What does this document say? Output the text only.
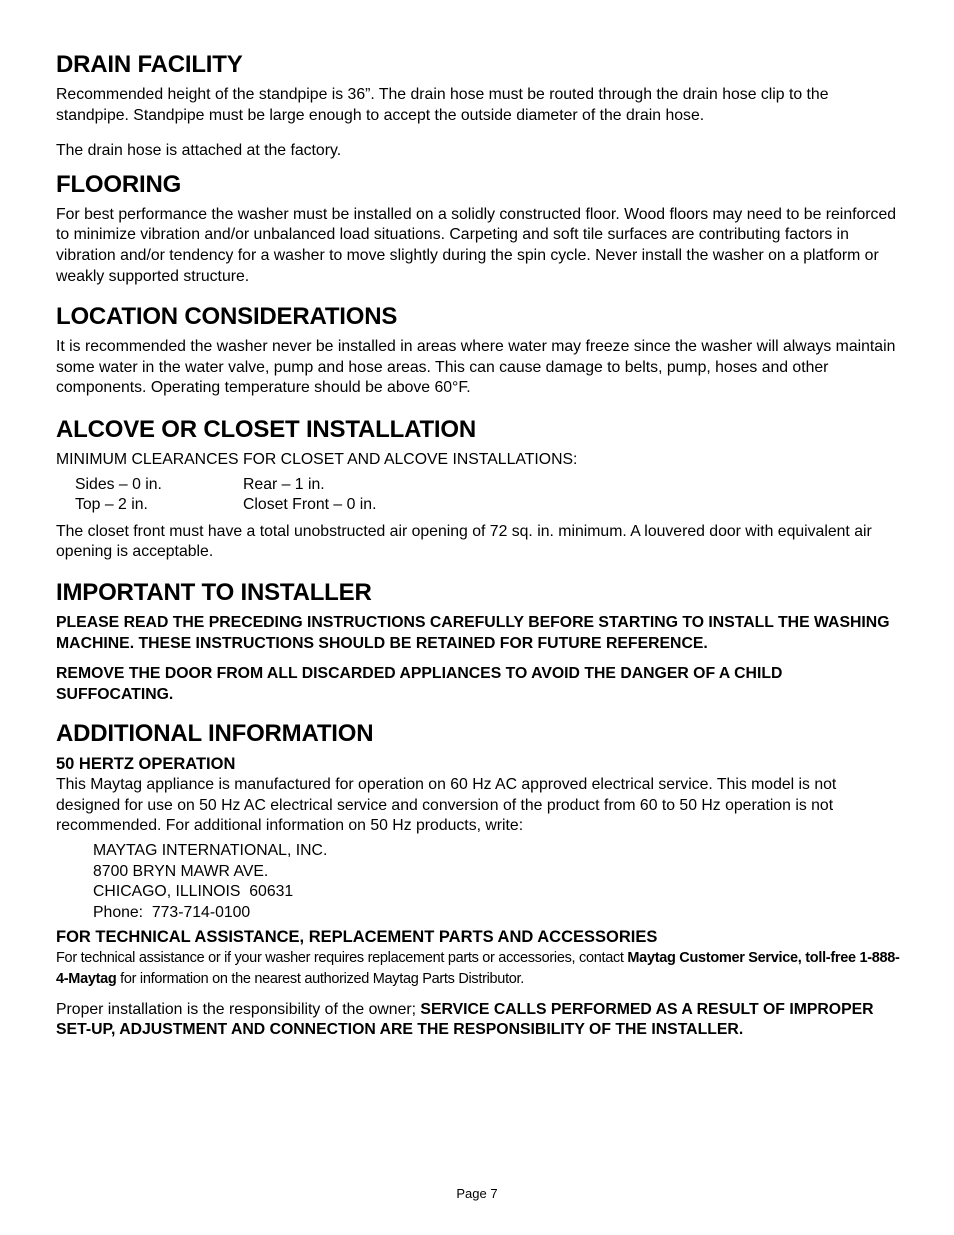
DRAIN FACILITY

Recommended height of the standpipe is 36”. The drain hose must be routed through the drain hose clip to the standpipe. Standpipe must be large enough to accept the outside diameter of the drain hose.

The drain hose is attached at the factory.

FLOORING

For best performance the washer must be installed on a solidly constructed floor. Wood floors may need to be reinforced to minimize vibration and/or unbalanced load situations. Carpeting and soft tile surfaces are contributing factors in vibration and/or tendency for a washer to move slightly during the spin cycle. Never install the washer on a platform or weakly supported structure.

LOCATION CONSIDERATIONS

It is recommended the washer never be installed in areas where water may freeze since the washer will always maintain some water in the water valve, pump and hose areas. This can cause damage to belts, pump, hoses and other components. Operating temperature should be above 60°F.

ALCOVE OR CLOSET INSTALLATION

MINIMUM CLEARANCES FOR CLOSET AND ALCOVE INSTALLATIONS:

Sides – 0 in.	Rear – 1 in.
Top – 2 in.	Closet Front – 0 in.

The closet front must have a total unobstructed air opening of 72 sq. in. minimum. A louvered door with equivalent air opening is acceptable.

IMPORTANT TO INSTALLER

PLEASE READ THE PRECEDING INSTRUCTIONS CAREFULLY BEFORE STARTING TO INSTALL THE WASHING MACHINE. THESE INSTRUCTIONS SHOULD BE RETAINED FOR FUTURE REFERENCE.

REMOVE THE DOOR FROM ALL DISCARDED APPLIANCES TO AVOID THE DANGER OF A CHILD SUFFOCATING.

ADDITIONAL INFORMATION
50 HERTZ OPERATION

This Maytag appliance is manufactured for operation on 60 Hz AC approved electrical service. This model is not designed for use on 50 Hz AC electrical service and conversion of the product from 60 to 50 Hz operation is not recommended. For additional information on 50 Hz products, write:

MAYTAG INTERNATIONAL, INC.
8700 BRYN MAWR AVE.
CHICAGO, ILLINOIS  60631
Phone:  773-714-0100
FOR TECHNICAL ASSISTANCE, REPLACEMENT PARTS AND ACCESSORIES

For technical assistance or if your washer requires replacement parts or accessories, contact Maytag Customer Service, toll-free 1-888-4-Maytag for information on the nearest authorized Maytag Parts Distributor.

Proper installation is the responsibility of the owner; SERVICE CALLS PERFORMED AS A RESULT OF IMPROPER SET-UP, ADJUSTMENT AND CONNECTION ARE THE RESPONSIBILITY OF THE INSTALLER.

Page 7
